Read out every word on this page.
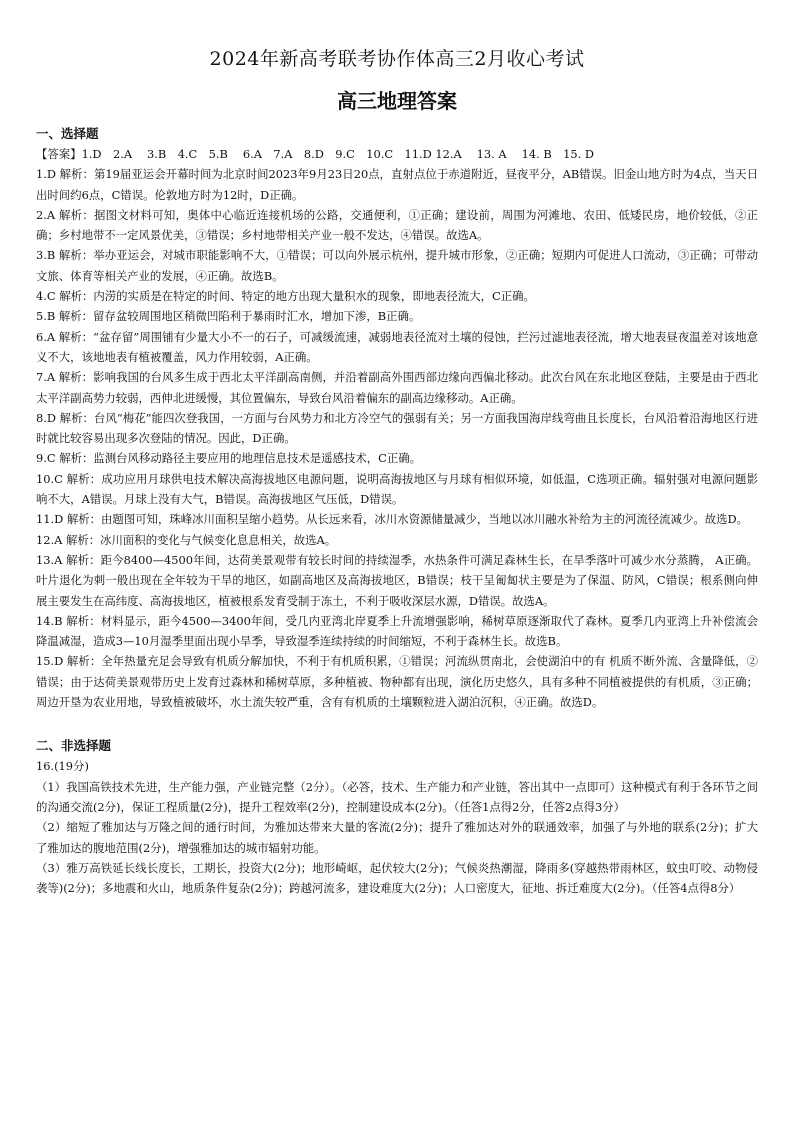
2024年新高考联考协作体高三2月收心考试
高三地理答案
一、选择题

【答案】1.D　2.A　 3.B　4.C　5.B　 6.A　7.A　8.D　9.C　10.C　11.D 12.A　 13. A　 14. B　15. D

1.D 解析：第19届亚运会开幕时间为北京时间2023年9月23日20点，直射点位于赤道附近，昼夜平分，AB错误。旧金山地方时为4点，当天日出时间约6点，C错误。伦敦地方时为12时，D正确。

2.A 解析：据图文材料可知，奥体中心临近连接机场的公路，交通便利，①正确；建设前，周围为河滩地、农田、低矮民房，地价较低，②正确；乡村地带不一定风景优美，③错误；乡村地带相关产业一般不发达，④错误。故选A。

3.B 解析：举办亚运会，对城市职能影响不大，①错误；可以向外展示杭州，提升城市形象，②正确；短期内可促进人口流动，③正确；可带动文旅、体育等相关产业的发展，④正确。故选B。

4.C 解析：内涝的实质是在特定的时间、特定的地方出现大量积水的现象，即地表径流大，C正确。

5.B 解析：留存盆较周围地区稍微凹陷利于暴雨时汇水，增加下渗，B正确。

6.A 解析：“盆存留”周围铺有少量大小不一的石子，可减缓流速，减弱地表径流对土壤的侵蚀，拦污过滤地表径流，增大地表昼夜温差对该地意义不大，该地地表有植被覆盖，风力作用较弱，A正确。

7.A 解析：影响我国的台风多生成于西北太平洋副高南侧，并沿着副高外围西部边缘向西偏北移动。此次台风在东北地区登陆，主要是由于西北太平洋副高势力较弱，西伸北进缓慢，其位置偏东，导致台风沿着偏东的副高边缘移动。A正确。

8.D 解析：台风“梅花”能四次登我国，一方面与台风势力和北方冷空气的强弱有关；另一方面我国海岸线弯曲且长度长，台风沿着沿海地区行进时就比较容易出现多次登陆的情况。因此，D正确。

9.C 解析：监测台风移动路径主要应用的地理信息技术是遥感技术，C正确。

10.C 解析：成功应用月球供电技术解决高海拔地区电源问题，说明高海拔地区与月球有相似环境，如低温，C选项正确。辐射强对电源问题影响不大，A错误。月球上没有大气，B错误。高海拔地区气压低，D错误。

11.D 解析：由题图可知，珠峰冰川面积呈缩小趋势。从长远来看，冰川水资源储量减少，当地以冰川融水补给为主的河流径流减少。故选D。

12.A 解析：冰川面积的变化与气候变化息息相关，故选A。

13.A 解析：距今8400—4500年间，达荷美景观带有较长时间的持续湿季，水热条件可满足森林生长，在旱季落叶可减少水分蒸腾， A正确。叶片退化为刺一般出现在全年较为干旱的地区，如副高地区及高海拔地区，B错误；枝干呈匍匐状主要是为了保温、防风，C错误；根系侧向伸展主要发生在高纬度、高海拔地区，植被根系发育受制于冻土，不利于吸收深层水源，D错误。故选A。

14.B 解析：材料显示，距今4500—3400年间，受几内亚湾北岸夏季上升流增强影响，稀树草原逐渐取代了森林。夏季几内亚湾上升补偿流会降温减湿，造成3—10月湿季里面出现小旱季，导致湿季连续持续的时间缩短，不利于森林生长。故选B。

15.D 解析：全年热量充足会导致有机质分解加快，不利于有机质积累，①错误；河流纵贯南北，会使湖泊中的有 机质不断外流、含量降低，②错误；由于达荷美景观带历史上发育过森林和稀树草原，多种植被、物种都有出现，演化历史悠久，具有多种不同植被提供的有机质，③正确；周边开垦为农业用地，导致植被破坏，水土流失较严重，含有有机质的土壤颗粒进入湖泊沉积，④正确。故选D。

二、非选择题

16.(19分)

（1）我国高铁技术先进，生产能力强，产业链完整（2分）。（必答，技术、生产能力和产业链，答出其中一点即可）这种模式有利于各环节之间的沟通交流(2分)，保证工程质量(2分)，提升工程效率(2分)，控制建设成本(2分)。（任答1点得2分，任答2点得3分）

（2）缩短了雅加达与万隆之间的通行时间，为雅加达带来大量的客流(2分)；提升了雅加达对外的联通效率，加强了与外地的联系(2分)；扩大了雅加达的腹地范围(2分)，增强雅加达的城市辐射功能。

（3）雅万高铁延长线长度长，工期长，投资大(2分)；地形崎岖，起伏较大(2分)；气候炎热潮湿，降雨多(穿越热带雨林区，蚊虫叮咬、动物侵袭等)(2分)；多地震和火山，地质条件复杂(2分)；跨越河流多，建设难度大(2分)；人口密度大，征地、拆迁难度大(2分)。（任答4点得8分）
